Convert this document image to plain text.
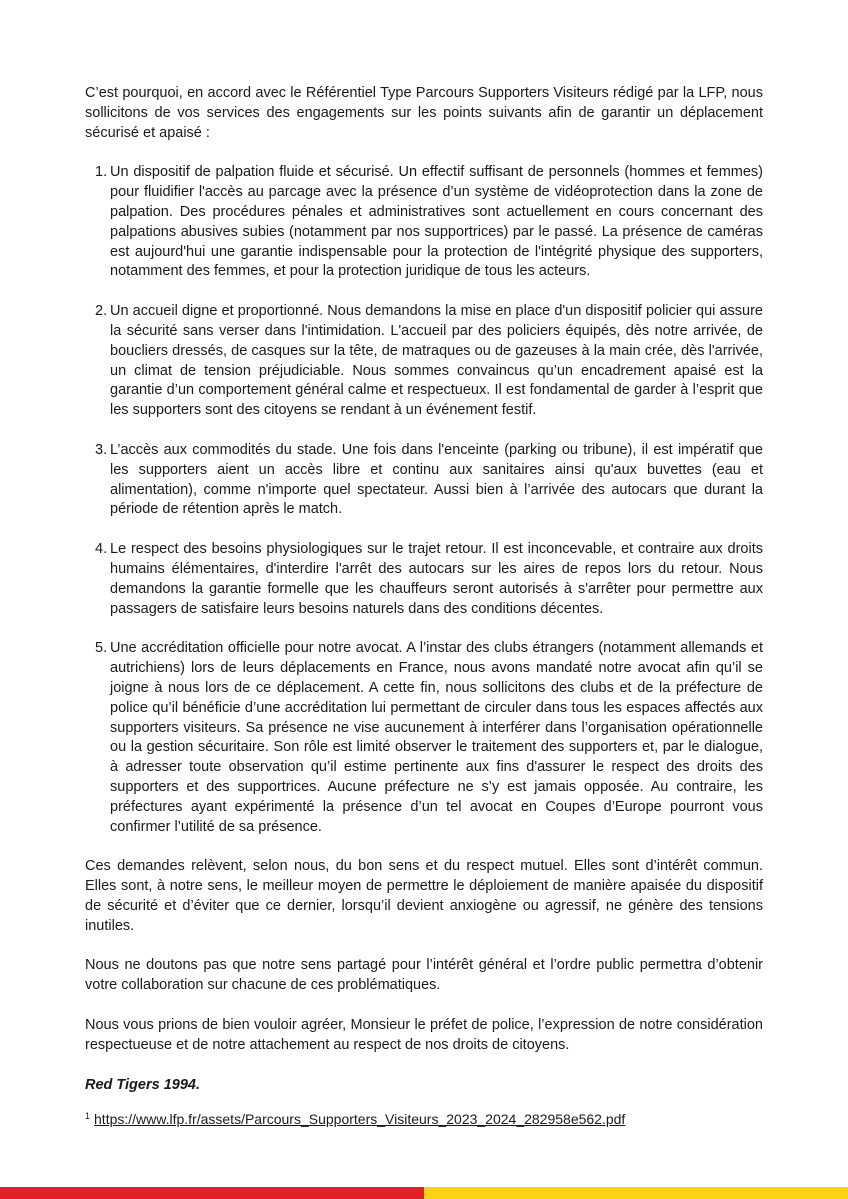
C’est pourquoi, en accord avec le Référentiel Type Parcours Supporters Visiteurs rédigé par la LFP, nous sollicitons de vos services des engagements sur les points suivants afin de garantir un déplacement sécurisé et apaisé :

1. Un dispositif de palpation fluide et sécurisé. Un effectif suffisant de personnels (hommes et femmes) pour fluidifier l'accès au parcage avec la présence d’un système de vidéoprotection dans la zone de palpation. Des procédures pénales et administratives sont actuellement en cours concernant des palpations abusives subies (notamment par nos supportrices) par le passé. La présence de caméras est aujourd'hui une garantie indispensable pour la protection de l'intégrité physique des supporters, notamment des femmes, et pour la protection juridique de tous les acteurs.
2. Un accueil digne et proportionné. Nous demandons la mise en place d'un dispositif policier qui assure la sécurité sans verser dans l'intimidation. L'accueil par des policiers équipés, dès notre arrivée, de boucliers dressés, de casques sur la tête, de matraques ou de gazeuses à la main crée, dès l'arrivée, un climat de tension préjudiciable. Nous sommes convaincus qu’un encadrement apaisé est la garantie d’un comportement général calme et respectueux. Il est fondamental de garder à l’esprit que les supporters sont des citoyens se rendant à un événement festif.
3. L’accès aux commodités du stade. Une fois dans l'enceinte (parking ou tribune), il est impératif que les supporters aient un accès libre et continu aux sanitaires ainsi qu'aux buvettes (eau et alimentation), comme n'importe quel spectateur. Aussi bien à l’arrivée des autocars que durant la période de rétention après le match.
4. Le respect des besoins physiologiques sur le trajet retour. Il est inconcevable, et contraire aux droits humains élémentaires, d'interdire l'arrêt des autocars sur les aires de repos lors du retour. Nous demandons la garantie formelle que les chauffeurs seront autorisés à s'arrêter pour permettre aux passagers de satisfaire leurs besoins naturels dans des conditions décentes.
5. Une accréditation officielle pour notre avocat. A l’instar des clubs étrangers (notamment allemands et autrichiens) lors de leurs déplacements en France, nous avons mandaté notre avocat afin qu’il se joigne à nous lors de ce déplacement. A cette fin, nous sollicitons des clubs et de la préfecture de police qu’il bénéficie d’une accréditation lui permettant de circuler dans tous les espaces affectés aux supporters visiteurs. Sa présence ne vise aucunement à interférer dans l’organisation opérationnelle ou la gestion sécuritaire. Son rôle est limité observer le traitement des supporters et, par le dialogue, à adresser toute observation qu’il estime pertinente aux fins d'assurer le respect des droits des supporters et des supportrices. Aucune préfecture ne s’y est jamais opposée. Au contraire, les préfectures ayant expérimenté la présence d’un tel avocat en Coupes d’Europe pourront vous confirmer l’utilité de sa présence.

Ces demandes relèvent, selon nous, du bon sens et du respect mutuel. Elles sont d’intérêt commun. Elles sont, à notre sens, le meilleur moyen de permettre le déploiement de manière apaisée du dispositif de sécurité et d’éviter que ce dernier, lorsqu’il devient anxiogène ou agressif, ne génère des tensions inutiles.

Nous ne doutons pas que notre sens partagé pour l’intérêt général et l’ordre public permettra d’obtenir votre collaboration sur chacune de ces problématiques.

Nous vous prions de bien vouloir agréer, Monsieur le préfet de police, l’expression de notre considération respectueuse et de notre attachement au respect de nos droits de citoyens.

Red Tigers 1994.

$^1$ https://www.lfp.fr/assets/Parcours_Supporters_Visiteurs_2023_2024_282958e562.pdf
